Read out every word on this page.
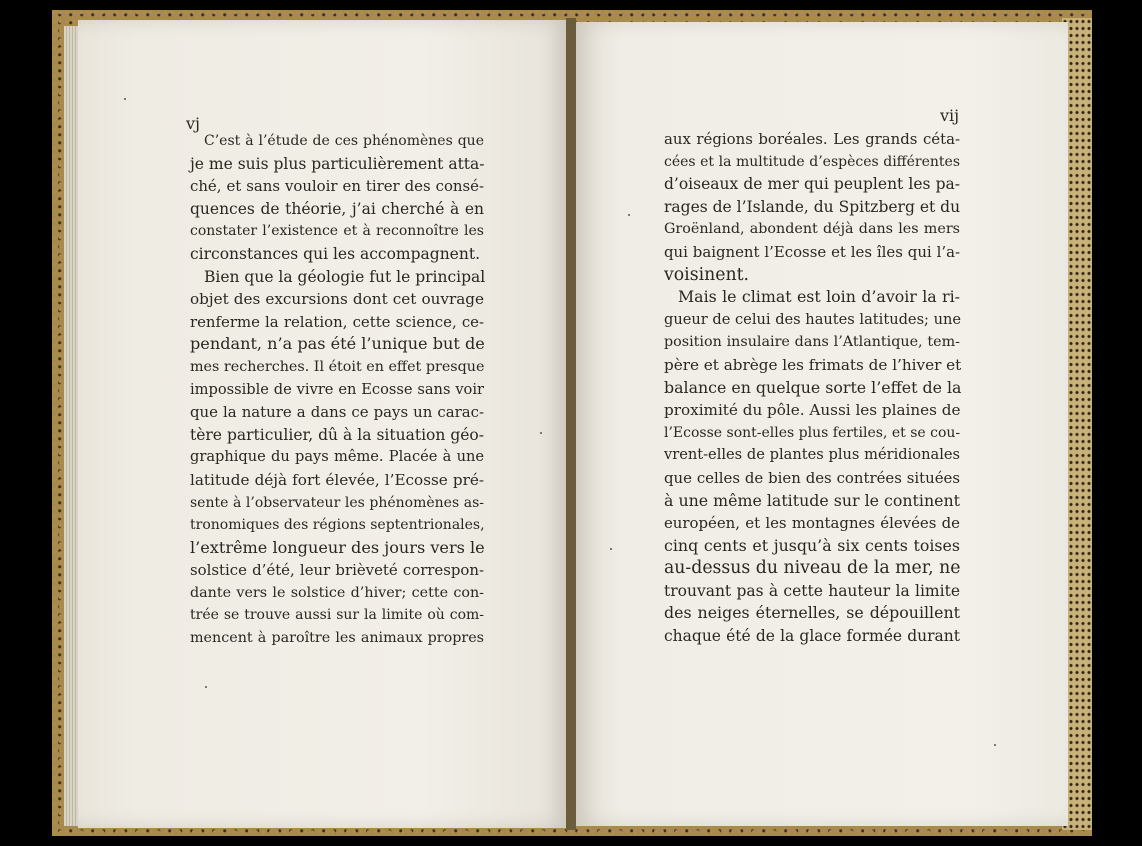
vj	vij

C’est à l’étude de ces phénomènes que
je me suis plus particulièrement atta-
ché, et sans vouloir en tirer des consé-
quences de théorie, j’ai cherché à en
constater l’existence et à reconnoître les
circonstances qui les accompagnent.
Bien que la géologie fut le principal
objet des excursions dont cet ouvrage
renferme la relation, cette science, ce-
pendant, n’a pas été l’unique but de
mes recherches. Il étoit en effet presque
impossible de vivre en Ecosse sans voir
que la nature a dans ce pays un carac-
tère particulier, dû à la situation géo-
graphique du pays même. Placée à une
latitude déjà fort élevée, l’Ecosse pré-
sente à l’observateur les phénomènes as-
tronomiques des régions septentrionales,
l’extrême longueur des jours vers le
solstice d’été, leur brièveté correspon-
dante vers le solstice d’hiver; cette con-
trée se trouve aussi sur la limite où com-
mencent à paroître les animaux propres
aux régions boréales. Les grands céta-
cées et la multitude d’espèces différentes
d’oiseaux de mer qui peuplent les pa-
rages de l’Islande, du Spitzberg et du
Groënland, abondent déjà dans les mers
qui baignent l’Ecosse et les îles qui l’a-
voisinent.
Mais le climat est loin d’avoir la ri-
gueur de celui des hautes latitudes; une
position insulaire dans l’Atlantique, tem-
père et abrège les frimats de l’hiver et
balance en quelque sorte l’effet de la
proximité du pôle. Aussi les plaines de
l’Ecosse sont-elles plus fertiles, et se cou-
vrent-elles de plantes plus méridionales
que celles de bien des contrées situées
à une même latitude sur le continent
européen, et les montagnes élevées de
cinq cents et jusqu’à six cents toises
au-dessus du niveau de la mer, ne
trouvant pas à cette hauteur la limite
des neiges éternelles, se dépouillent
chaque été de la glace formée durant
